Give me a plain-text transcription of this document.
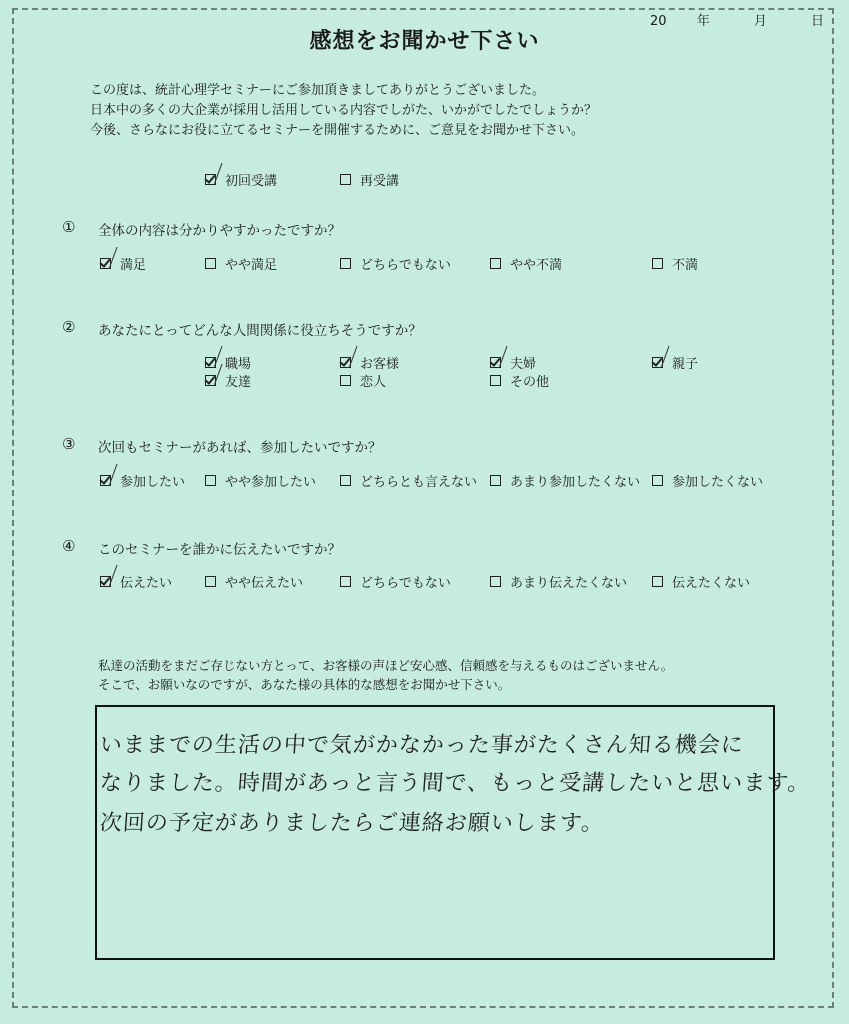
20 年	月	日
感想をお聞かせ下さい
この度は、統計心理学セミナーにご参加頂きましてありがとうございました。
日本中の多くの大企業が採用し活用している内容でしがた、いかがでしたでしょうか？
今後、さらなにお役に立てるセミナーを開催するために、ご意見をお聞かせ下さい。
初回受講	再受講
① 全体の内容は分かりやすかったですか？
満足	やや満足	どちらでもない	やや不満	不満
② あなたにとってどんな人間関係に役立ちそうですか？
職場	お客様	夫婦	親子
友達	恋人	その他
③ 次回もセミナーがあれば、参加したいですか？
参加したい	やや参加したい	どちらとも言えない	あまり参加したくない 参加したくない
④ このセミナーを誰かに伝えたいですか？
伝えたい	やや伝えたい	どちらでもない	あまり伝えたくない	伝えたくない
私達の活動をまだご存じない方とって、お客様の声ほど安心感、信頼感を与えるものはございません。
そこで、お願いなのですが、あなた様の具体的な感想をお聞かせ下さい。
いままでの生活の中で気がかなかった事がたくさん知る機会に
なりました。時間があっと言う間で、もっと受講したいと思います。
次回の予定がありましたらご連絡お願いします。
